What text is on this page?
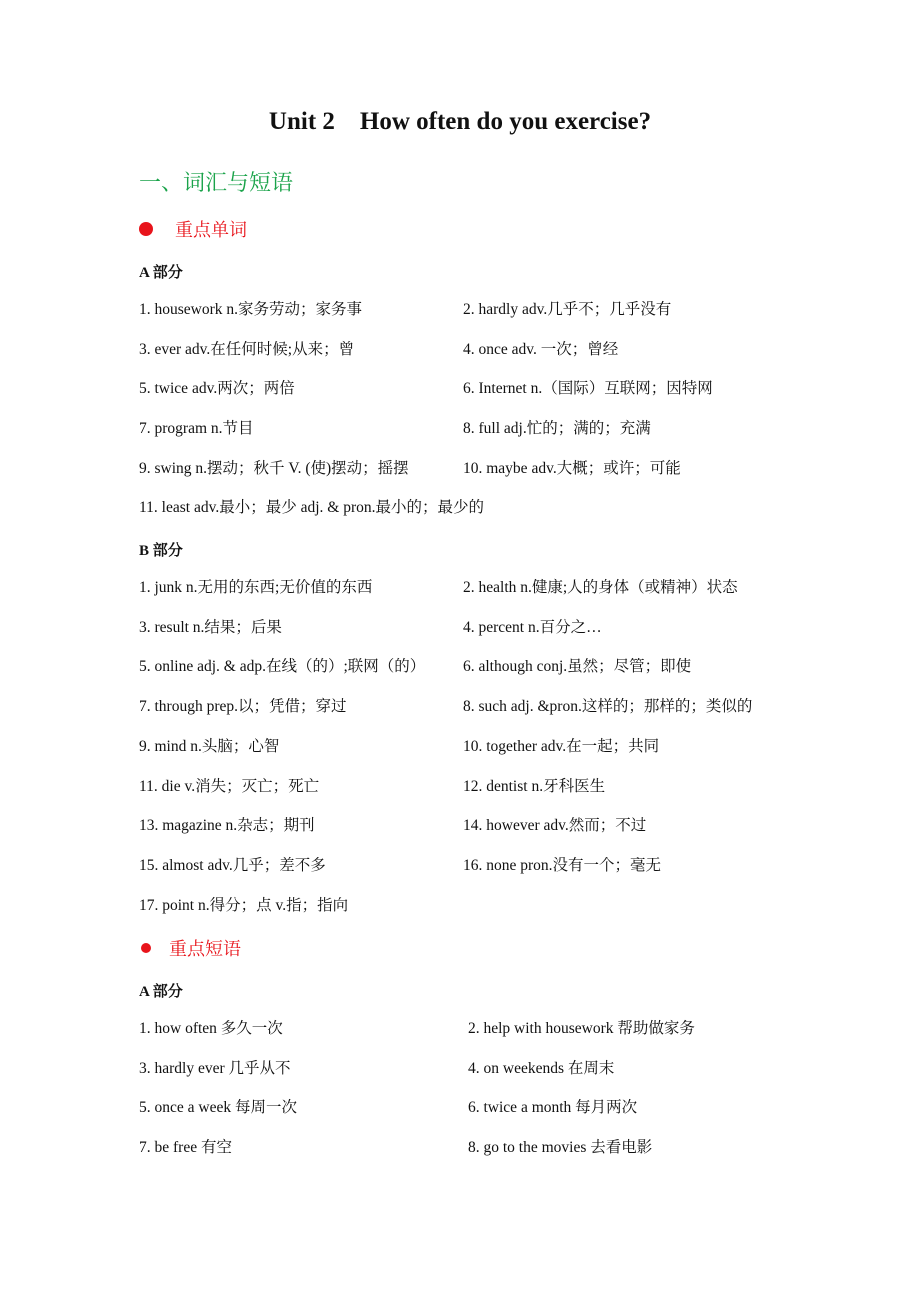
Unit 2    How often do you exercise?
一、词汇与短语
重点单词
A 部分
1. housework n.家务劳动；家务事	2. hardly adv.几乎不；几乎没有
3. ever adv.在任何时候;从来；曾	4. once adv. 一次；曾经
5. twice adv.两次；两倍	6. Internet n.（国际）互联网；因特网
7. program n.节目	8. full adj.忙的；满的；充满
9. swing n.摆动；秋千 V. (使)摆动；摇摆	10. maybe adv.大概；或许；可能
11. least adv.最小；最少 adj. & pron.最小的；最少的
B 部分
1. junk n.无用的东西;无价值的东西	2. health n.健康;人的身体（或精神）状态
3. result n.结果；后果	4. percent n.百分之…
5. online adj. & adp.在线（的）;联网（的） 6. although conj.虽然；尽管；即使
7. through prep.以；凭借；穿过	8. such adj. &pron.这样的；那样的；类似的
9. mind n.头脑；心智	10. together adv.在一起；共同
11. die v.消失；灭亡；死亡	12. dentist n.牙科医生
13. magazine n.杂志；期刊	14. however adv.然而；不过
15. almost adv.几乎；差不多	16. none pron.没有一个；毫无
17. point n.得分；点 v.指；指向
重点短语
A 部分
1. how often 多久一次	2. help with housework 帮助做家务
3. hardly ever 几乎从不	4. on weekends 在周末
5. once a week 每周一次	6. twice a month 每月两次
7. be free 有空	8. go to the movies 去看电影
